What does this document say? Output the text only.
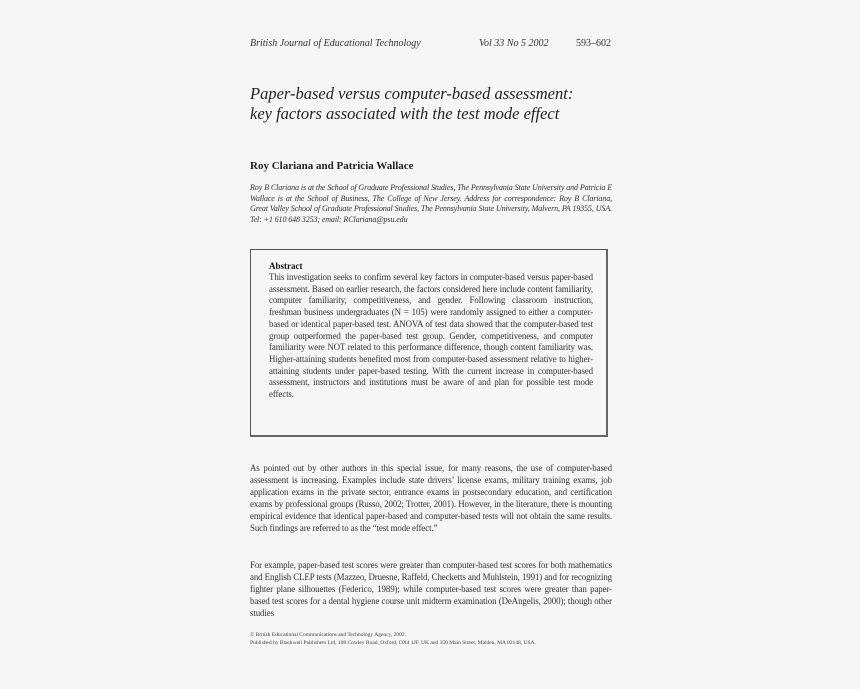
British Journal of Educational Technology	Vol 33 No 5 2002	593–602
Paper-based versus computer-based assessment:
key factors associated with the test mode effect
Roy Clariana and Patricia Wallace
Roy B Clariana is at the School of Graduate Professional Studies, The Pennsylvania State University and Patricia E Wallace is at the School of Business, The College of New Jersey. Address for correspondence: Roy B Clariana, Great Valley School of Graduate Professional Studies, The Pennsylvania State University, Malvern, PA 19355, USA. Tel: +1 610 648 3253; email: RClariana@psu.edu
Abstract
This investigation seeks to confirm several key factors in computer-based versus paper-based assessment. Based on earlier research, the factors considered here include content familiarity, computer familiarity, competitiveness, and gender. Following classroom instruction, freshman business undergraduates (N = 105) were randomly assigned to either a computer-based or identical paper-based test. ANOVA of test data showed that the computer-based test group outperformed the paper-based test group. Gender, competitiveness, and computer familiarity were NOT related to this performance difference, though content familiarity was. Higher-attaining students benefited most from computer-based assessment relative to higher-attaining students under paper-based testing. With the current increase in computer-based assessment, instructors and institutions must be aware of and plan for possible test mode effects.
As pointed out by other authors in this special issue, for many reasons, the use of computer-based assessment is increasing. Examples include state drivers’ license exams, military training exams, job application exams in the private sector, entrance exams in postsecondary education, and certification exams by professional groups (Russo, 2002; Trotter, 2001). However, in the literature, there is mounting empirical evidence that identical paper-based and computer-based tests will not obtain the same results. Such findings are referred to as the “test mode effect.”
For example, paper-based test scores were greater than computer-based test scores for both mathematics and English CLEP tests (Mazzeo, Druesne, Raffeld, Checketts and Muhlstein, 1991) and for recognizing fighter plane silhouettes (Federico, 1989); while computer-based test scores were greater than paper-based test scores for a dental hygiene course unit midterm examination (DeAngelis, 2000); though other studies
© British Educational Communications and Technology Agency, 2002.
Published by Blackwell Publishers Ltd, 108 Cowley Road, Oxford, OX4 1JF, UK and 350 Main Street, Malden, MA 02148, USA.
